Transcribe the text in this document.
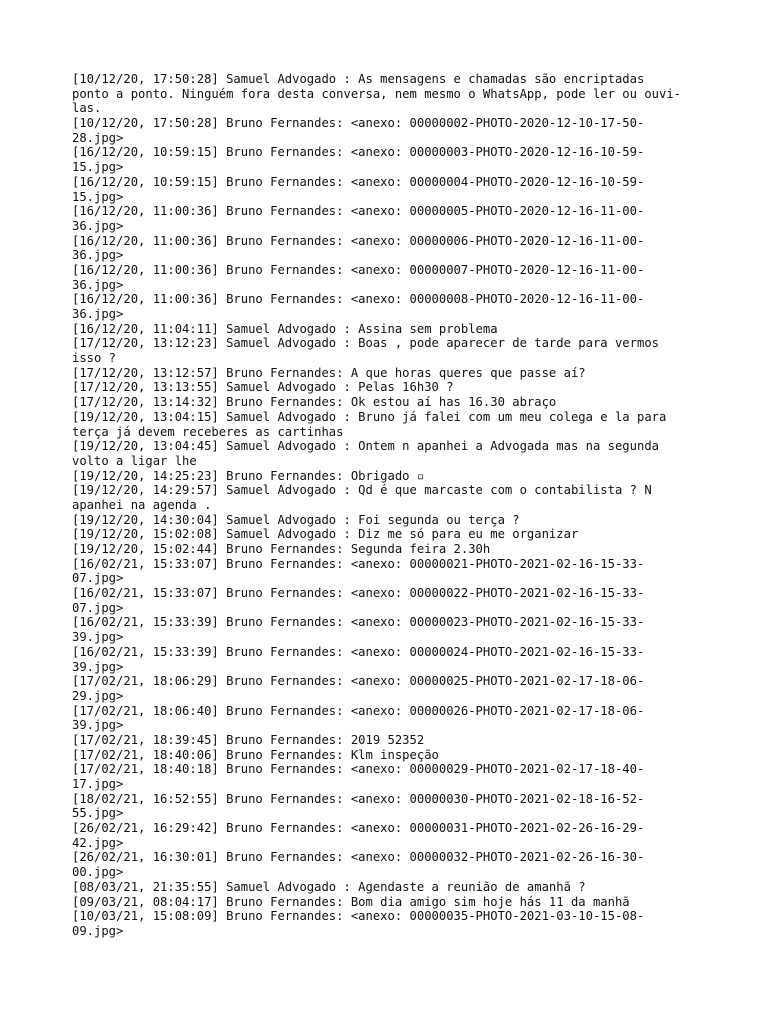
[10/12/20, 17:50:28] Samuel Advogado : As mensagens e chamadas são encriptadas
ponto a ponto. Ninguém fora desta conversa, nem mesmo o WhatsApp, pode ler ou ouvi-
las.
[10/12/20, 17:50:28] Bruno Fernandes: <anexo: 00000002-PHOTO-2020-12-10-17-50-
28.jpg>
[16/12/20, 10:59:15] Bruno Fernandes: <anexo: 00000003-PHOTO-2020-12-16-10-59-
15.jpg>
[16/12/20, 10:59:15] Bruno Fernandes: <anexo: 00000004-PHOTO-2020-12-16-10-59-
15.jpg>
[16/12/20, 11:00:36] Bruno Fernandes: <anexo: 00000005-PHOTO-2020-12-16-11-00-
36.jpg>
[16/12/20, 11:00:36] Bruno Fernandes: <anexo: 00000006-PHOTO-2020-12-16-11-00-
36.jpg>
[16/12/20, 11:00:36] Bruno Fernandes: <anexo: 00000007-PHOTO-2020-12-16-11-00-
36.jpg>
[16/12/20, 11:00:36] Bruno Fernandes: <anexo: 00000008-PHOTO-2020-12-16-11-00-
36.jpg>
[16/12/20, 11:04:11] Samuel Advogado : Assina sem problema
[17/12/20, 13:12:23] Samuel Advogado : Boas , pode aparecer de tarde para vermos
isso ?
[17/12/20, 13:12:57] Bruno Fernandes: A que horas queres que passe aí?
[17/12/20, 13:13:55] Samuel Advogado : Pelas 16h30 ?
[17/12/20, 13:14:32] Bruno Fernandes: Ok estou aí has 16.30 abraço
[19/12/20, 13:04:15] Samuel Advogado : Bruno já falei com um meu colega e la para
terça já devem receberes as cartinhas
[19/12/20, 13:04:45] Samuel Advogado : Ontem n apanhei a Advogada mas na segunda
volto a ligar lhe
[19/12/20, 14:25:23] Bruno Fernandes: Obrigado ▫
[19/12/20, 14:29:57] Samuel Advogado : Qd é que marcaste com o contabilista ? N
apanhei na agenda .
[19/12/20, 14:30:04] Samuel Advogado : Foi segunda ou terça ?
[19/12/20, 15:02:08] Samuel Advogado : Diz me só para eu me organizar
[19/12/20, 15:02:44] Bruno Fernandes: Segunda feira 2.30h
[16/02/21, 15:33:07] Bruno Fernandes: <anexo: 00000021-PHOTO-2021-02-16-15-33-
07.jpg>
[16/02/21, 15:33:07] Bruno Fernandes: <anexo: 00000022-PHOTO-2021-02-16-15-33-
07.jpg>
[16/02/21, 15:33:39] Bruno Fernandes: <anexo: 00000023-PHOTO-2021-02-16-15-33-
39.jpg>
[16/02/21, 15:33:39] Bruno Fernandes: <anexo: 00000024-PHOTO-2021-02-16-15-33-
39.jpg>
[17/02/21, 18:06:29] Bruno Fernandes: <anexo: 00000025-PHOTO-2021-02-17-18-06-
29.jpg>
[17/02/21, 18:06:40] Bruno Fernandes: <anexo: 00000026-PHOTO-2021-02-17-18-06-
39.jpg>
[17/02/21, 18:39:45] Bruno Fernandes: 2019 52352
[17/02/21, 18:40:06] Bruno Fernandes: Klm inspeção
[17/02/21, 18:40:18] Bruno Fernandes: <anexo: 00000029-PHOTO-2021-02-17-18-40-
17.jpg>
[18/02/21, 16:52:55] Bruno Fernandes: <anexo: 00000030-PHOTO-2021-02-18-16-52-
55.jpg>
[26/02/21, 16:29:42] Bruno Fernandes: <anexo: 00000031-PHOTO-2021-02-26-16-29-
42.jpg>
[26/02/21, 16:30:01] Bruno Fernandes: <anexo: 00000032-PHOTO-2021-02-26-16-30-
00.jpg>
[08/03/21, 21:35:55] Samuel Advogado : Agendaste a reunião de amanhã ?
[09/03/21, 08:04:17] Bruno Fernandes: Bom dia amigo sim hoje hás 11 da manhã
[10/03/21, 15:08:09] Bruno Fernandes: <anexo: 00000035-PHOTO-2021-03-10-15-08-
09.jpg>
